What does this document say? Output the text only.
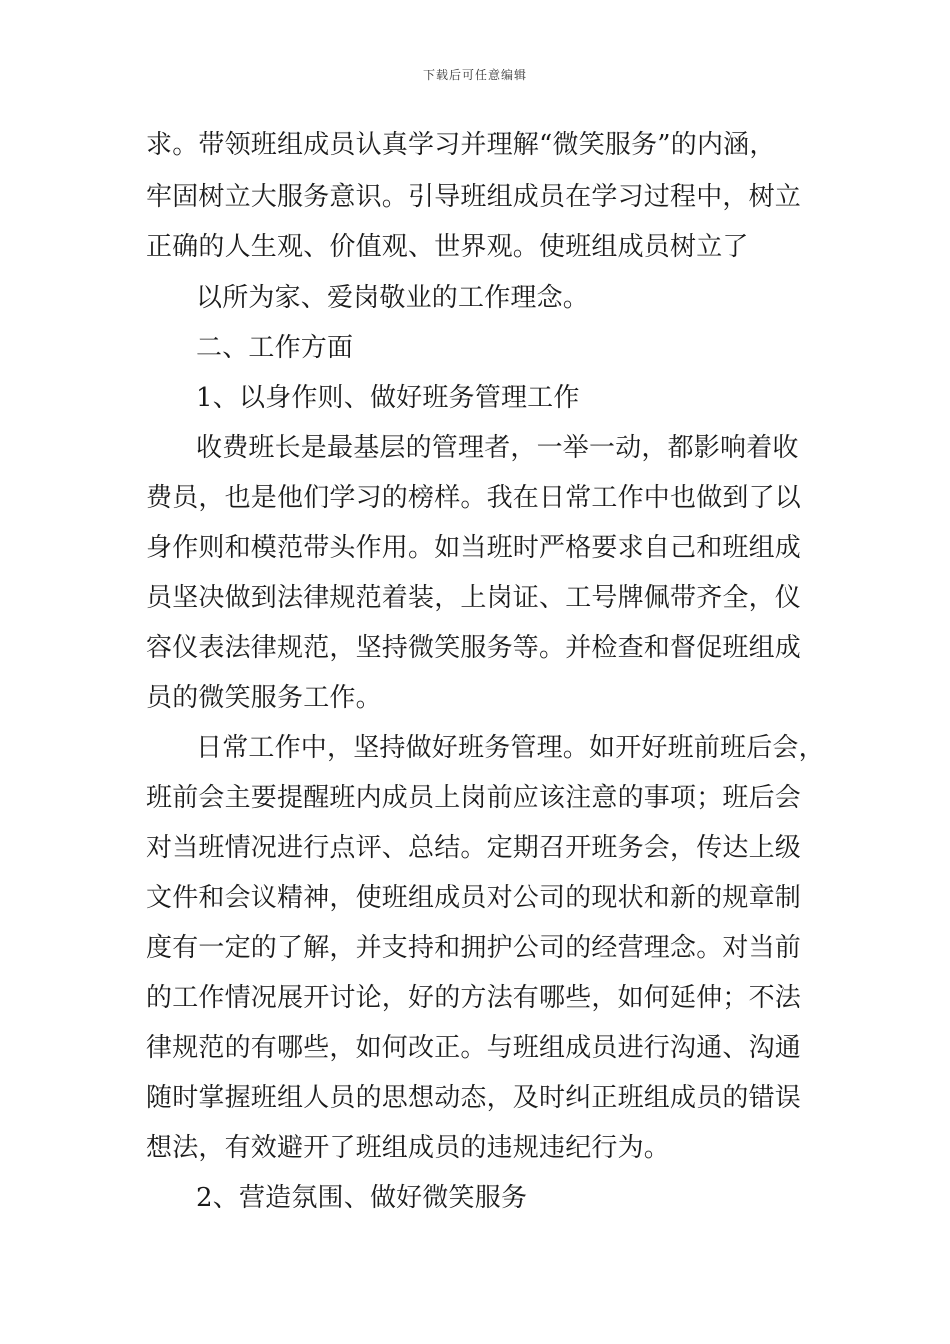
下载后可任意编辑
求。带领班组成员认真学习并理解“微笑服务”的内涵，
牢固树立大服务意识。引导班组成员在学习过程中，树立
正确的人生观、价值观、世界观。使班组成员树立了
以所为家、爱岗敬业的工作理念。
二、工作方面
1、以身作则、做好班务管理工作
收费班长是最基层的管理者，一举一动，都影响着收
费员，也是他们学习的榜样。我在日常工作中也做到了以
身作则和模范带头作用。如当班时严格要求自己和班组成
员坚决做到法律规范着装，上岗证、工号牌佩带齐全，仪
容仪表法律规范，坚持微笑服务等。并检查和督促班组成
员的微笑服务工作。
日常工作中，坚持做好班务管理。如开好班前班后会，
班前会主要提醒班内成员上岗前应该注意的事项；班后会
对当班情况进行点评、总结。定期召开班务会，传达上级
文件和会议精神，使班组成员对公司的现状和新的规章制
度有一定的了解，并支持和拥护公司的经营理念。对当前
的工作情况展开讨论，好的方法有哪些，如何延伸；不法
律规范的有哪些，如何改正。与班组成员进行沟通、沟通
随时掌握班组人员的思想动态，及时纠正班组成员的错误
想法，有效避开了班组成员的违规违纪行为。
2、营造氛围、做好微笑服务
